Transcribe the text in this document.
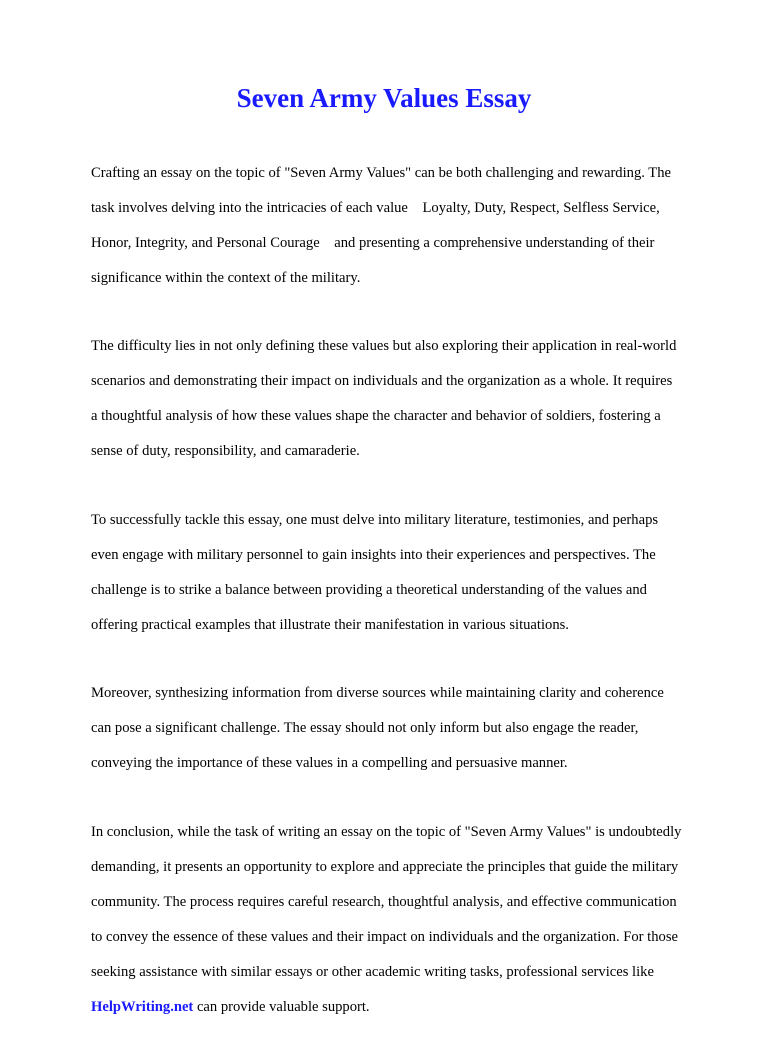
Seven Army Values Essay

Crafting an essay on the topic of "Seven Army Values" can be both challenging and rewarding. The

task involves delving into the intricacies of each value    Loyalty, Duty, Respect, Selfless Service,

Honor, Integrity, and Personal Courage    and presenting a comprehensive understanding of their

significance within the context of the military.

The difficulty lies in not only defining these values but also exploring their application in real-world

scenarios and demonstrating their impact on individuals and the organization as a whole. It requires

a thoughtful analysis of how these values shape the character and behavior of soldiers, fostering a

sense of duty, responsibility, and camaraderie.

To successfully tackle this essay, one must delve into military literature, testimonies, and perhaps

even engage with military personnel to gain insights into their experiences and perspectives. The

challenge is to strike a balance between providing a theoretical understanding of the values and

offering practical examples that illustrate their manifestation in various situations.

Moreover, synthesizing information from diverse sources while maintaining clarity and coherence

can pose a significant challenge. The essay should not only inform but also engage the reader,

conveying the importance of these values in a compelling and persuasive manner.

In conclusion, while the task of writing an essay on the topic of "Seven Army Values" is undoubtedly

demanding, it presents an opportunity to explore and appreciate the principles that guide the military

community. The process requires careful research, thoughtful analysis, and effective communication

to convey the essence of these values and their impact on individuals and the organization. For those

seeking assistance with similar essays or other academic writing tasks, professional services like

HelpWriting.net can provide valuable support.
